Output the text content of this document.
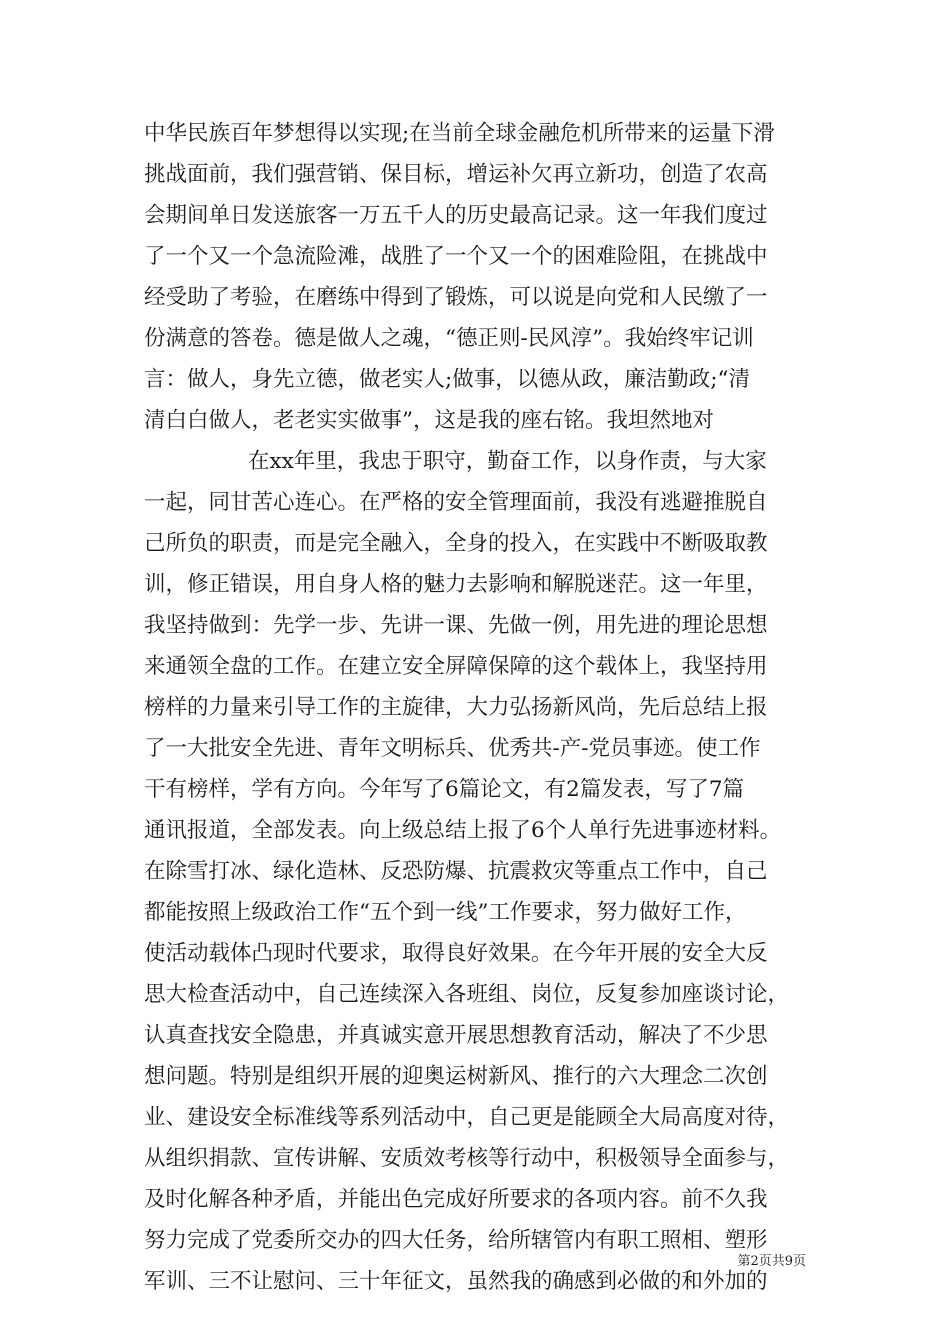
中华民族百年梦想得以实现;在当前全球金融危机所带来的运量下滑
挑战面前，我们强营销、保目标，增运补欠再立新功，创造了农高
会期间单日发送旅客一万五千人的历史最高记录。这一年我们度过
了一个又一个急流险滩，战胜了一个又一个的困难险阻，在挑战中
经受助了考验，在磨练中得到了锻炼，可以说是向党和人民缴了一
份满意的答卷。德是做人之魂，“德正则-民风淳”。我始终牢记训
言：做人，身先立德，做老实人;做事，以德从政，廉洁勤政;“清
清白白做人，老老实实做事”，这是我的座右铭。我坦然地对
在xx年里，我忠于职守，勤奋工作，以身作责，与大家
一起，同甘苦心连心。在严格的安全管理面前，我没有逃避推脱自
己所负的职责，而是完全融入，全身的投入，在实践中不断吸取教
训，修正错误，用自身人格的魅力去影响和解脱迷茫。这一年里，
我坚持做到：先学一步、先讲一课、先做一例，用先进的理论思想
来通领全盘的工作。在建立安全屏障保障的这个载体上，我坚持用
榜样的力量来引导工作的主旋律，大力弘扬新风尚，先后总结上报
了一大批安全先进、青年文明标兵、优秀共-产-党员事迹。使工作
干有榜样，学有方向。今年写了6篇论文，有2篇发表，写了7篇
通讯报道，全部发表。向上级总结上报了6个人单行先进事迹材料。
在除雪打冰、绿化造林、反恐防爆、抗震救灾等重点工作中，自己
都能按照上级政治工作“五个到一线”工作要求，努力做好工作，
使活动载体凸现时代要求，取得良好效果。在今年开展的安全大反
思大检查活动中，自己连续深入各班组、岗位，反复参加座谈讨论，
认真查找安全隐患，并真诚实意开展思想教育活动，解决了不少思
想问题。特别是组织开展的迎奥运树新风、推行的六大理念二次创
业、建设安全标准线等系列活动中，自己更是能顾全大局高度对待，
从组织捐款、宣传讲解、安质效考核等行动中，积极领导全面参与，
及时化解各种矛盾，并能出色完成好所要求的各项内容。前不久我
努力完成了党委所交办的四大任务，给所辖管内有职工照相、塑形
军训、三不让慰问、三十年征文，虽然我的确感到必做的和外加的
第2页共9页
